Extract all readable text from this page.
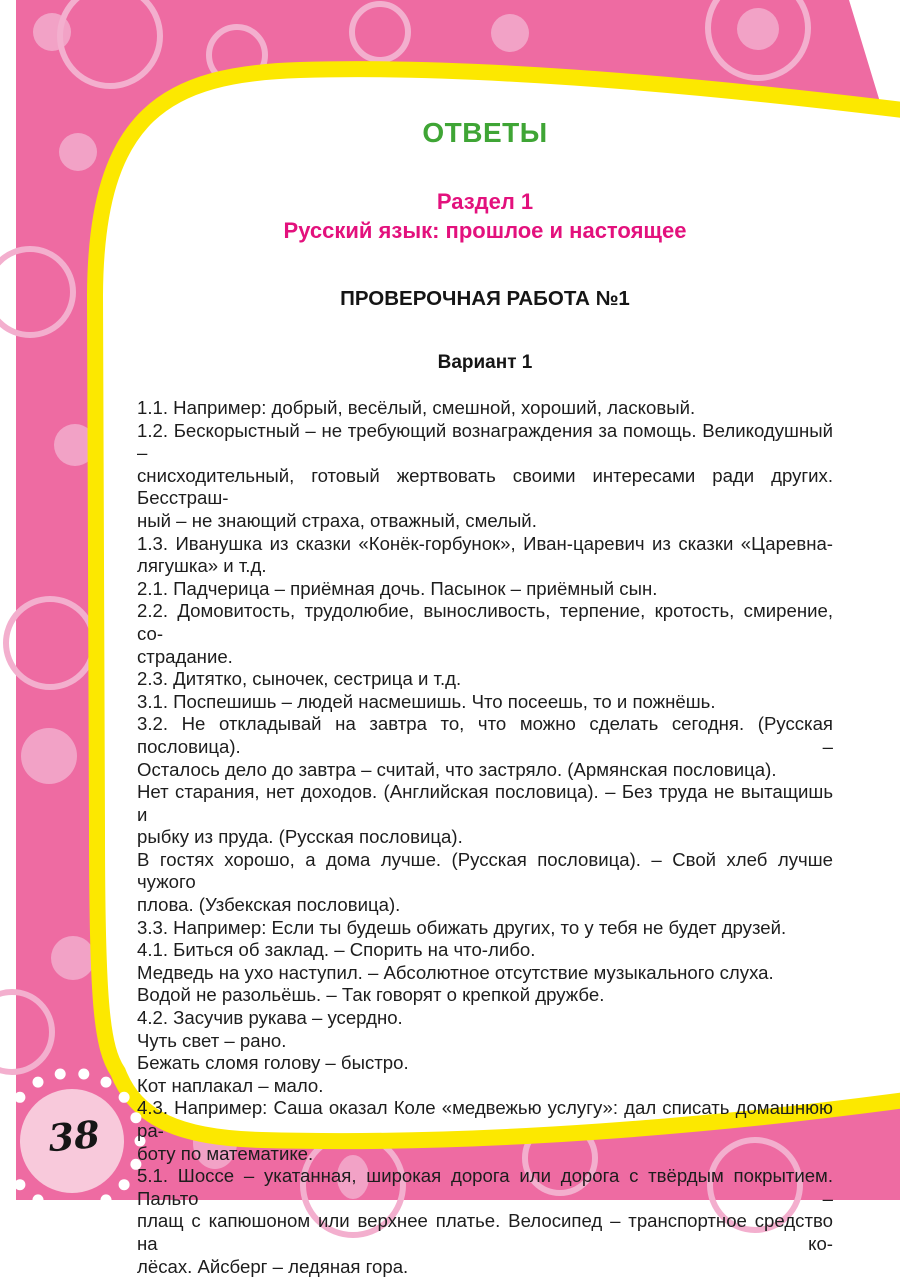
ОТВЕТЫ
Раздел 1
Русский язык: прошлое и настоящее
ПРОВЕРОЧНАЯ РАБОТА №1
Вариант 1
1.1. Например: добрый, весёлый, смешной, хороший, ласковый.
1.2. Бескорыстный – не требующий вознаграждения за помощь. Великодушный –
снисходительный, готовый жертвовать своими интересами ради других. Бесстраш-
ный – не знающий страха, отважный, смелый.
1.3. Иванушка из сказки «Конёк-горбунок», Иван-царевич из сказки «Царевна-
лягушка» и т.д.
2.1. Падчерица – приёмная дочь. Пасынок – приёмный сын.
2.2. Домовитость, трудолюбие, выносливость, терпение, кротость, смирение, со-
страдание.
2.3. Дитятко, сыночек, сестрица и т.д.
3.1. Поспешишь – людей насмешишь. Что посеешь, то и пожнёшь.
3.2. Не откладывай на завтра то, что можно сделать сегодня. (Русская пословица). –
Осталось дело до завтра – считай, что застряло. (Армянская пословица).
Нет старания, нет доходов. (Английская пословица). – Без труда не вытащишь и
рыбку из пруда. (Русская пословица).
В гостях хорошо, а дома лучше. (Русская пословица). – Свой хлеб лучше чужого
плова. (Узбекская пословица).
3.3. Например: Если ты будешь обижать других, то у тебя не будет друзей.
4.1. Биться об заклад. – Спорить на что-либо.
Медведь на ухо наступил. – Абсолютное отсутствие музыкального слуха.
Водой не разольёшь. – Так говорят о крепкой дружбе.
4.2. Засучив рукава – усердно.
Чуть свет – рано.
Бежать сломя голову – быстро.
Кот наплакал – мало.
4.3. Например: Саша оказал Коле «медвежью услугу»: дал списать домашнюю ра-
боту по математике.
5.1. Шоссе – укатанная, широкая дорога или дорога с твёрдым покрытием. Пальто –
плащ с капюшоном или верхнее платье. Велосипед – транспортное средство на ко-
лёсах. Айсберг – ледяная гора.
38
